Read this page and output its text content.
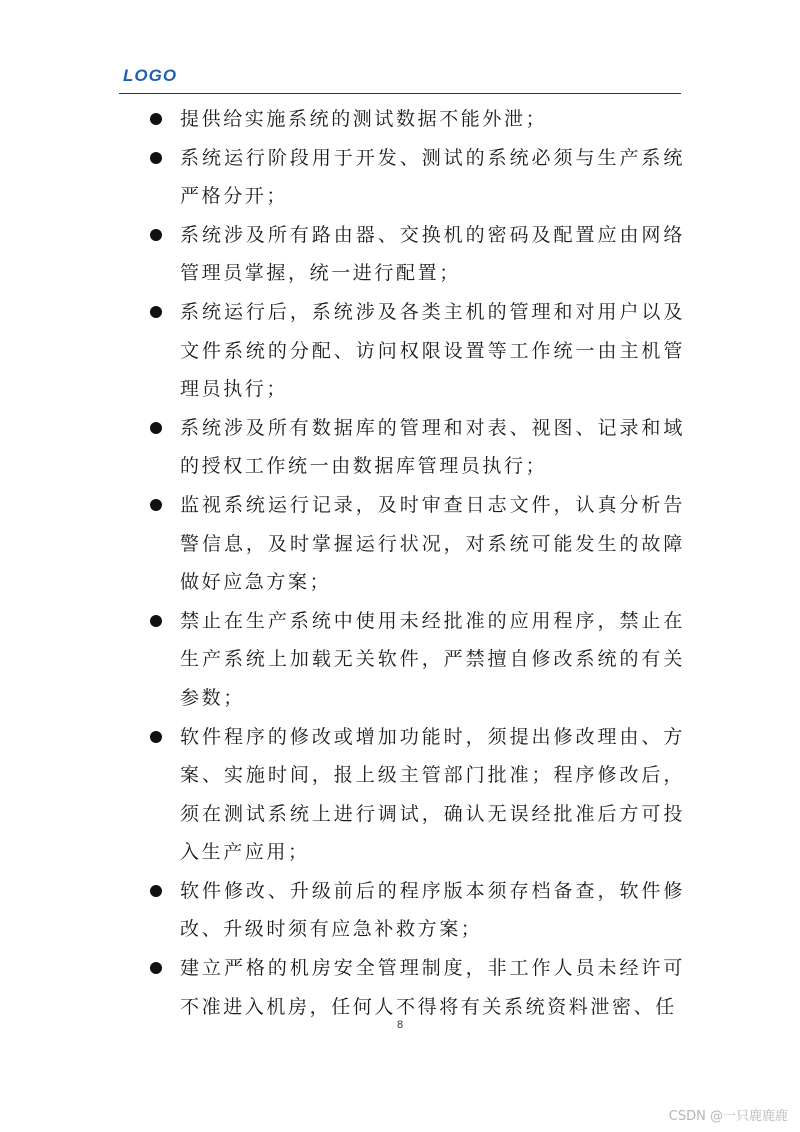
LOGO
提供给实施系统的测试数据不能外泄；
系统运行阶段用于开发、测试的系统必须与生产系统严格分开；
系统涉及所有路由器、交换机的密码及配置应由网络管理员掌握，统一进行配置；
系统运行后，系统涉及各类主机的管理和对用户以及文件系统的分配、访问权限设置等工作统一由主机管理员执行；
系统涉及所有数据库的管理和对表、视图、记录和域的授权工作统一由数据库管理员执行；
监视系统运行记录，及时审查日志文件，认真分析告警信息，及时掌握运行状况，对系统可能发生的故障做好应急方案；
禁止在生产系统中使用未经批准的应用程序，禁止在生产系统上加载无关软件，严禁擅自修改系统的有关参数；
软件程序的修改或增加功能时，须提出修改理由、方案、实施时间，报上级主管部门批准；程序修改后，须在测试系统上进行调试，确认无误经批准后方可投入生产应用；
软件修改、升级前后的程序版本须存档备查，软件修改、升级时须有应急补救方案；
建立严格的机房安全管理制度，非工作人员未经许可不准进入机房，任何人不得将有关系统资料泄密、任
8
CSDN @一只鹿鹿鹿
